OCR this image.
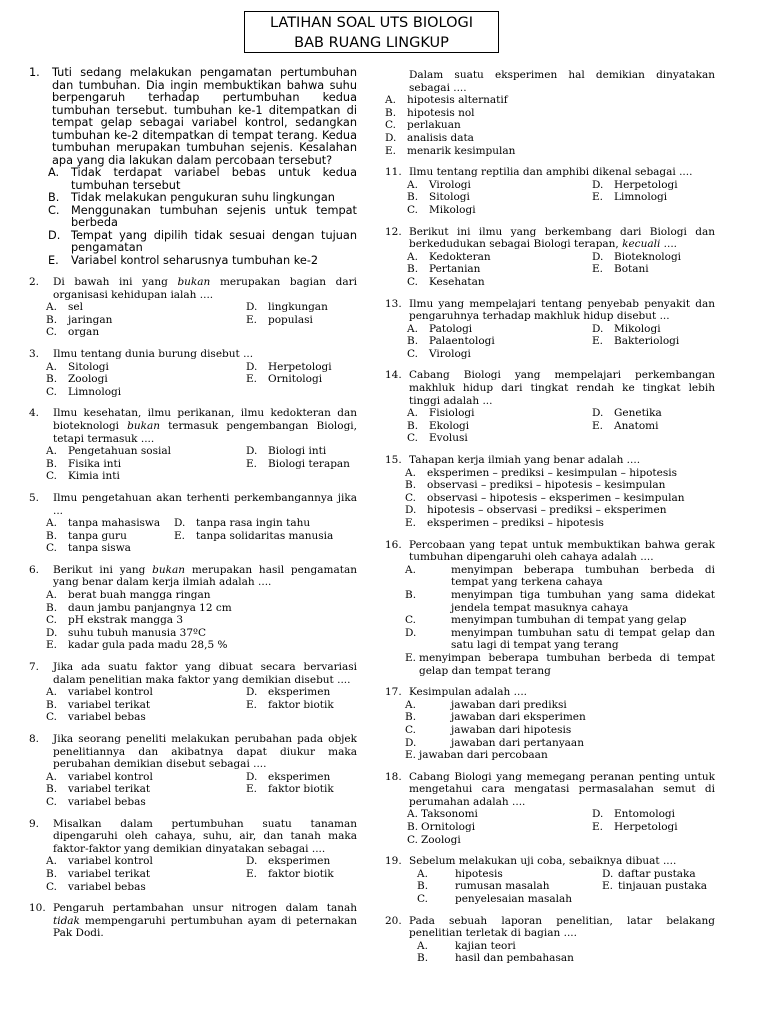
LATIHAN SOAL UTS BIOLOGI
BAB RUANG LINGKUP
1.	Tuti sedang melakukan pengamatan pertumbuhan dan tumbuhan. Dia ingin membuktikan bahwa suhu berpengaruh terhadap pertumbuhan kedua tumbuhan tersebut. tumbuhan ke-1 ditempatkan di tempat gelap sebagai variabel kontrol, sedangkan tumbuhan ke-2 ditempatkan di tempat terang. Kedua tumbuhan merupakan tumbuhan sejenis. Kesalahan apa yang dia lakukan dalam percobaan tersebut?
A.	Tidak terdapat variabel bebas untuk kedua tumbuhan tersebut
B.	Tidak melakukan pengukuran suhu lingkungan
C.	Menggunakan tumbuhan sejenis untuk tempat berbeda
D. Tempat yang dipilih tidak sesuai dengan tujuan pengamatan
E.	Variabel kontrol seharusnya tumbuhan ke-2
2.	Di bawah ini yang bukan merupakan bagian dari organisasi kehidupan ialah ....
A.	sel	D.	lingkungan
B.	jaringan	E.	populasi
C.	organ
3.	Ilmu tentang dunia burung disebut ...
A.	Sitologi	D.	Herpetologi
B.	Zoologi	E.	Ornitologi
C.	Limnologi
4.	Ilmu kesehatan, ilmu perikanan, ilmu kedokteran dan bioteknologi bukan termasuk pengembangan Biologi, tetapi termasuk ....
A.	Pengetahuan sosial	D.	Biologi inti
B.	Fisika inti	E.	Biologi terapan
C.	Kimia inti
5.	Ilmu pengetahuan akan terhenti perkembangannya jika ...
A.	tanpa mahasiswa D.	tanpa rasa ingin tahu
B.	tanpa guru	E.	tanpa solidaritas manusia
C.	tanpa siswa
6.	Berikut ini yang bukan merupakan hasil pengamatan yang benar dalam kerja ilmiah adalah ....
A.	berat buah mangga ringan
B.	daun jambu panjangnya 12 cm
C.	pH ekstrak mangga 3
D.	suhu tubuh manusia 37ºC
E.	kadar gula pada madu 28,5 %
7.	Jika ada suatu faktor yang dibuat secara bervariasi dalam penelitian maka faktor yang demikian disebut ....
A.	variabel kontrol	D.	eksperimen
B.	variabel terikat	E.	faktor biotik
C.	variabel bebas
8.	Jika seorang peneliti melakukan perubahan pada objek penelitiannya dan akibatnya dapat diukur maka perubahan demikian disebut sebagai ....
A.	variabel kontrol	D.	eksperimen
B.	variabel terikat	E.	faktor biotik
C.	variabel bebas
9.	Misalkan dalam pertumbuhan suatu tanaman dipengaruhi oleh cahaya, suhu, air, dan tanah maka faktor-faktor yang demikian dinyatakan sebagai ....
A.	variabel kontrol	D.	eksperimen
B.	variabel terikat	E.	faktor biotik
C.	variabel bebas
10. Pengaruh pertambahan unsur nitrogen dalam tanah tidak mempengaruhi pertumbuhan ayam di peternakan Pak Dodi.
Dalam suatu eksperimen hal demikian dinyatakan sebagai ....
A.	hipotesis alternatif
B.	hipotesis nol
C.	perlakuan
D.	analisis data
E.	menarik kesimpulan
11. Ilmu tentang reptilia dan amphibi dikenal sebagai ....
A.	Virologi	D.	Herpetologi
B.	Sitologi	E.	Limnologi
C.	Mikologi
12. Berikut ini ilmu yang berkembang dari Biologi dan berkedudukan sebagai Biologi terapan, kecuali ....
A.	Kedokteran	D.	Bioteknologi
B.	Pertanian	E.	Botani
C.	Kesehatan
13. Ilmu yang mempelajari tentang penyebab penyakit dan pengaruhnya terhadap makhluk hidup disebut ...
A.	Patologi	D.	Mikologi
B.	Palaentologi	E.	Bakteriologi
C.	Virologi
14. Cabang Biologi yang mempelajari perkembangan makhluk hidup dari tingkat rendah ke tingkat lebih tinggi adalah ...
A.	Fisiologi	D.	Genetika
B.	Ekologi	E.	Anatomi
C.	Evolusi
15. Tahapan kerja ilmiah yang benar adalah ....
A.	eksperimen – prediksi – kesimpulan – hipotesis
B.	observasi – prediksi – hipotesis – kesimpulan
C.	observasi – hipotesis – eksperimen – kesimpulan
D.	hipotesis – observasi – prediksi – eksperimen
E.	eksperimen – prediksi – hipotesis
16. Percobaan yang tepat untuk membuktikan bahwa gerak tumbuhan dipengaruhi oleh cahaya adalah ....
A.	menyimpan beberapa tumbuhan berbeda di tempat yang terkena cahaya
B.	menyimpan tiga tumbuhan yang sama didekat jendela tempat masuknya cahaya
C.	menyimpan tumbuhan di tempat yang gelap
D.	menyimpan tumbuhan satu di tempat gelap dan satu lagi di tempat yang terang
E. menyimpan beberapa tumbuhan berbeda di tempat gelap dan tempat terang
17. Kesimpulan adalah ....
A.	jawaban dari prediksi
B.	jawaban dari eksperimen
C.	jawaban dari hipotesis
D.	jawaban dari pertanyaan
E. jawaban dari percobaan
18. Cabang Biologi yang memegang peranan penting untuk mengetahui cara mengatasi permasalahan semut di perumahan adalah ....
A. Taksonomi	D.	Entomologi
B. Ornitologi	E.	Herpetologi
C. Zoologi
19. Sebelum melakukan uji coba, sebaiknya dibuat ....
A.	hipotesis	D. daftar pustaka
B.	rumusan masalah	E. tinjauan pustaka
C.	penyelesaian masalah
20. Pada sebuah laporan penelitian, latar belakang penelitian terletak di bagian ....
A.	kajian teori
B.	hasil dan pembahasan
